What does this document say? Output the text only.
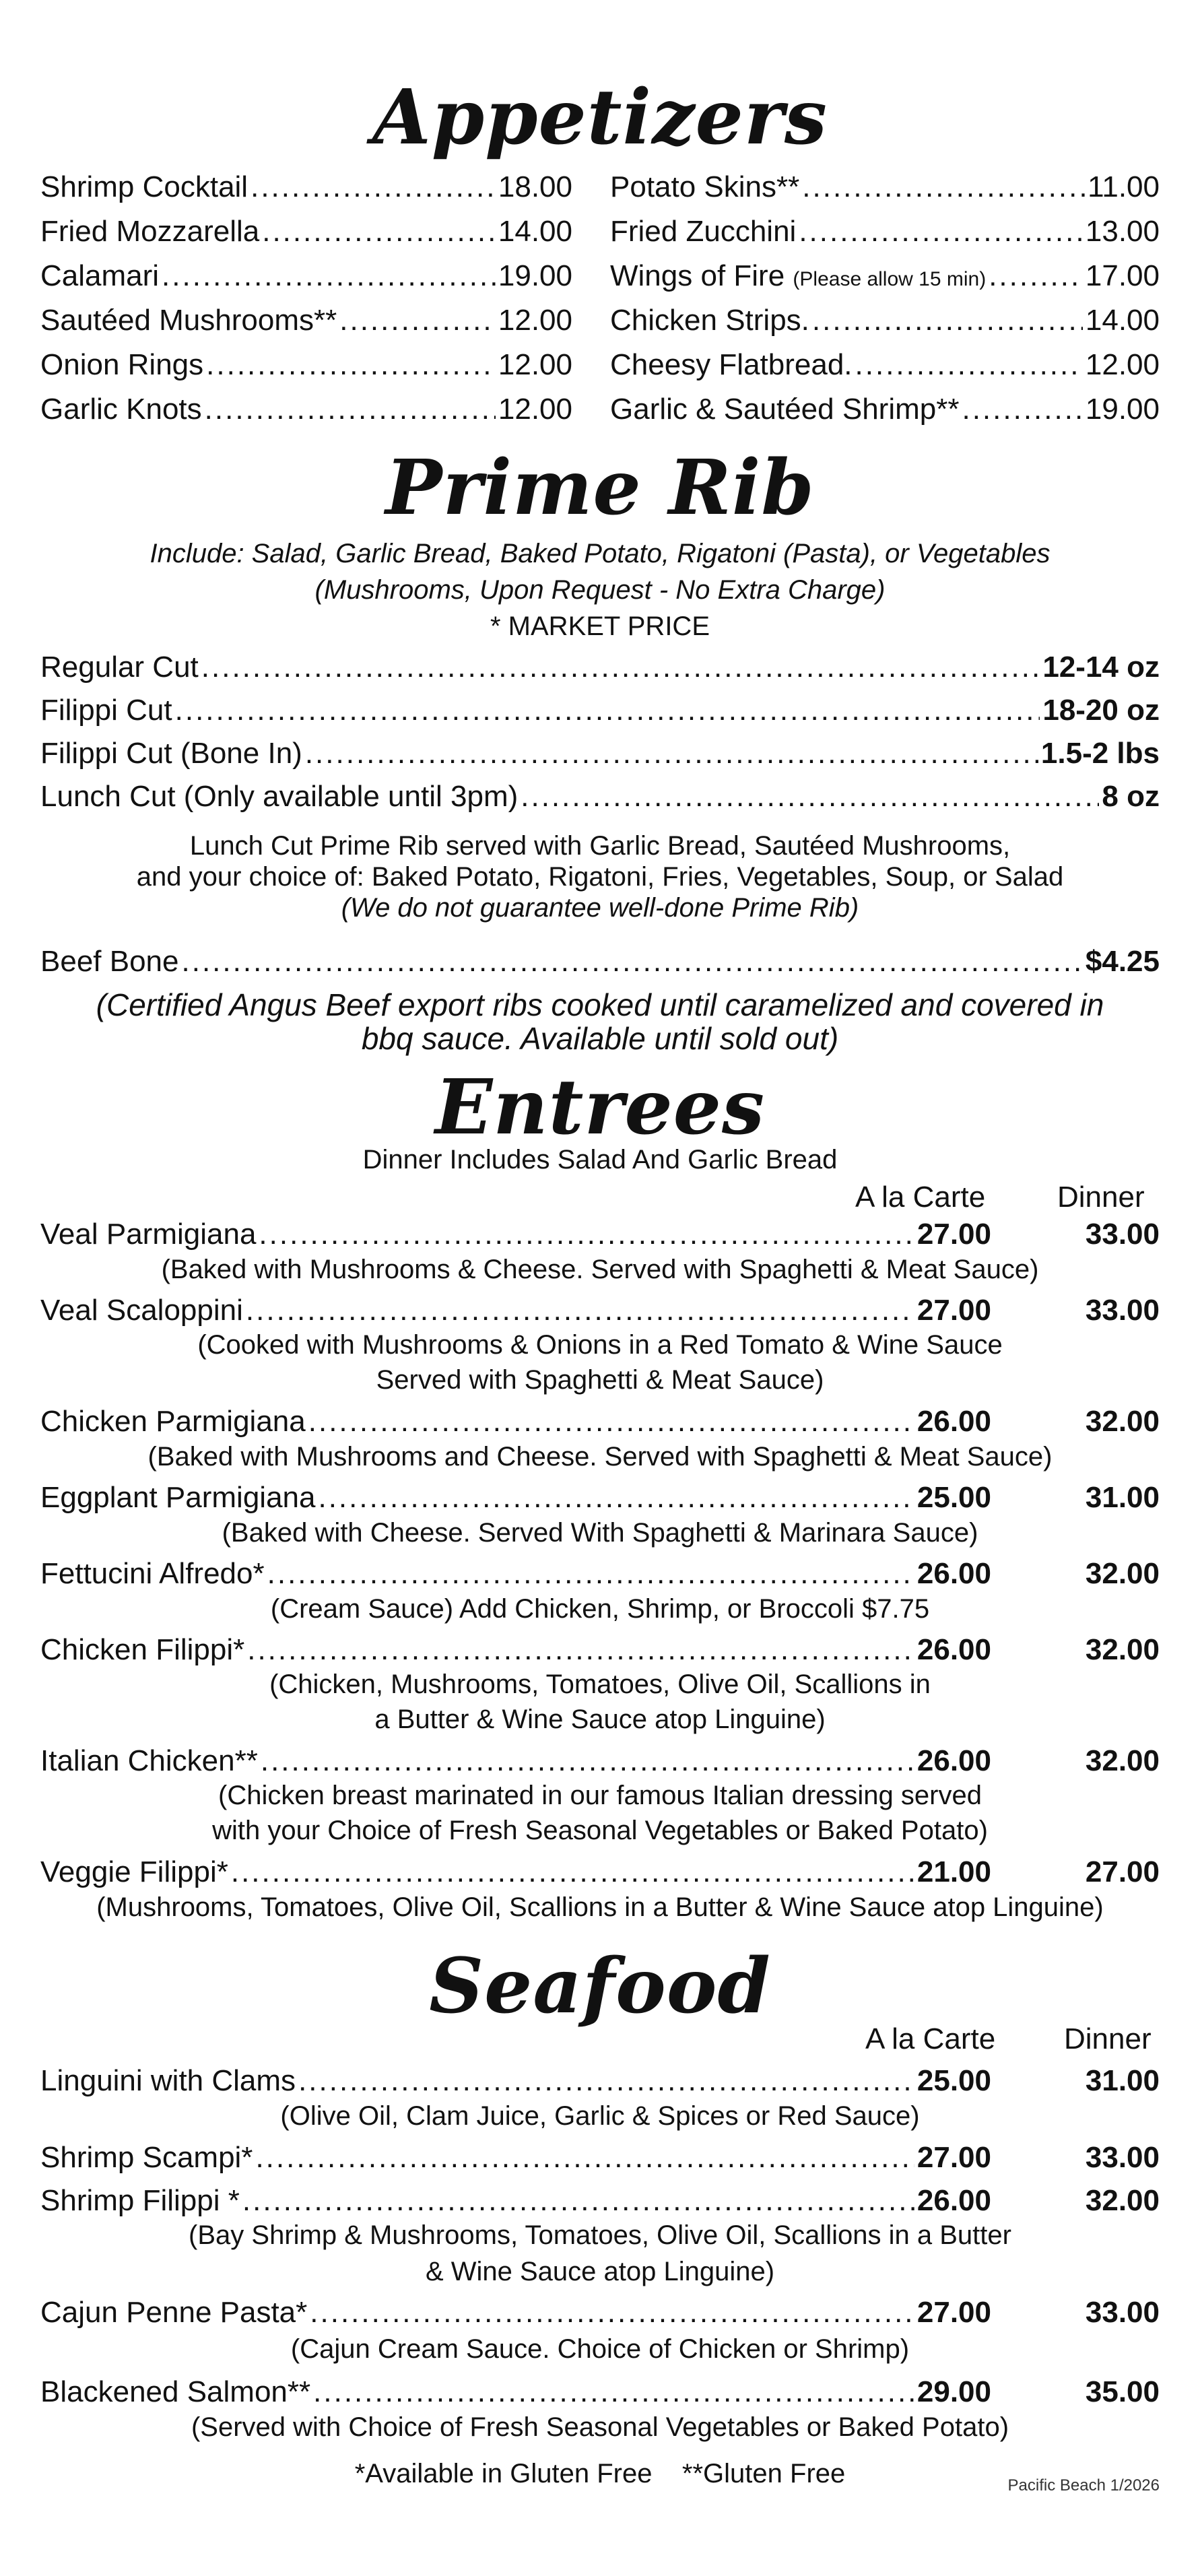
Appetizers
Shrimp Cocktail .....	18.00
Fried Mozzarella .....	14.00
Calamari .....	19.00
Sautéed Mushrooms** .....	12.00
Onion Rings .....	12.00
Garlic Knots .....	12.00
Potato Skins** .....	11.00
Fried Zucchini .....	13.00
Wings of Fire (Please allow 15 min) .....	17.00
Chicken Strips. .....	14.00
Cheesy Flatbread. .....	12.00
Garlic & Sautéed Shrimp** .....	19.00
Prime Rib
Include: Salad, Garlic Bread, Baked Potato, Rigatoni (Pasta), or Vegetables
(Mushrooms, Upon Request - No Extra Charge)
* MARKET PRICE
Regular Cut .....	12-14 oz
Filippi Cut .....	18-20 oz
Filippi Cut (Bone In) .....	1.5-2 lbs
Lunch Cut (Only available until 3pm) .....	8 oz
Lunch Cut Prime Rib served with Garlic Bread, Sautéed Mushrooms,
and your choice of: Baked Potato, Rigatoni, Fries, Vegetables, Soup, or Salad
(We do not guarantee well-done Prime Rib)
Beef Bone .....	$4.25
(Certified Angus Beef export ribs cooked until caramelized and covered in
bbq sauce. Available until sold out)
Entrees
Dinner Includes Salad And Garlic Bread
A la Carte Dinner
Veal Parmigiana .....	27.00	33.00
(Baked with Mushrooms & Cheese. Served with Spaghetti & Meat Sauce)
Veal Scaloppini .....	27.00	33.00
(Cooked with Mushrooms & Onions in a Red Tomato & Wine Sauce
Served with Spaghetti & Meat Sauce)
Chicken Parmigiana .....	26.00	32.00
(Baked with Mushrooms and Cheese. Served with Spaghetti & Meat Sauce)
Eggplant Parmigiana .....	25.00	31.00
(Baked with Cheese. Served With Spaghetti & Marinara Sauce)
Fettucini Alfredo* .....	26.00	32.00
(Cream Sauce) Add Chicken, Shrimp, or Broccoli $7.75
Chicken Filippi* .....	26.00	32.00
(Chicken, Mushrooms, Tomatoes, Olive Oil, Scallions in
a Butter & Wine Sauce atop Linguine)
Italian Chicken** .....	26.00	32.00
(Chicken breast marinated in our famous Italian dressing served
with your Choice of Fresh Seasonal Vegetables or Baked Potato)
Veggie Filippi* .....	21.00	27.00
(Mushrooms, Tomatoes, Olive Oil, Scallions in a Butter & Wine Sauce atop Linguine)
Seafood
A la Carte Dinner
Linguini with Clams .....	25.00	31.00
(Olive Oil, Clam Juice, Garlic & Spices or Red Sauce)
Shrimp Scampi* .....	27.00	33.00
Shrimp Filippi * .....	26.00	32.00
(Bay Shrimp & Mushrooms, Tomatoes, Olive Oil, Scallions in a Butter
& Wine Sauce atop Linguine)
Cajun Penne Pasta* .....	27.00	33.00
(Cajun Cream Sauce. Choice of Chicken or Shrimp)
Blackened Salmon** .....	29.00	35.00
(Served with Choice of Fresh Seasonal Vegetables or Baked Potato)
*Available in Gluten Free    **Gluten Free	Pacific Beach 1/2026
